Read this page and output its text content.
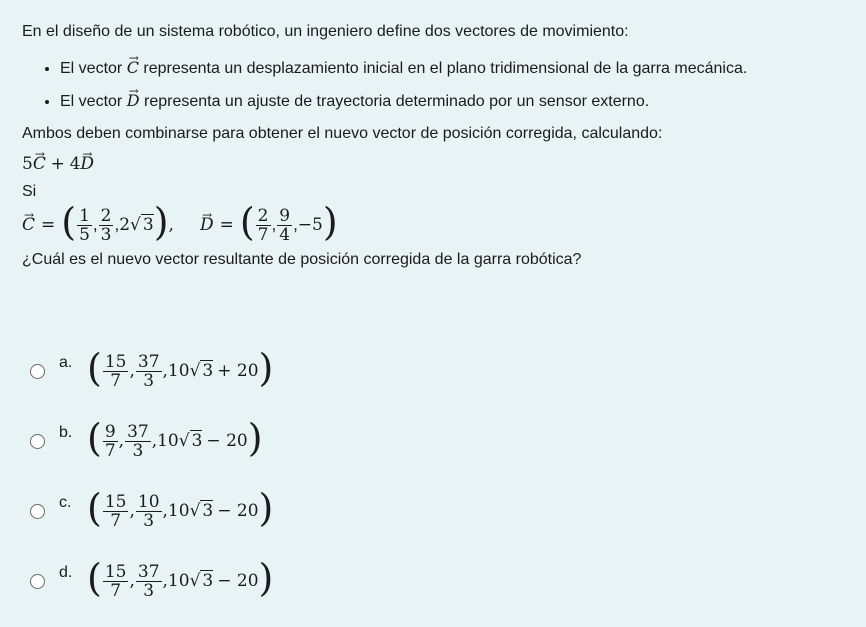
En el diseño de un sistema robótico, un ingeniero define dos vectores de movimiento:

• El vector → C representa un desplazamiento inicial en el plano tridimensional de la garra mecánica.
• El vector → D representa un ajuste de trayectoria determinado por un sensor externo.

Ambos deben combinarse para obtener el nuevo vector de posición corregida, calculando:

5→ C + 4→ D

Si

→ C = ( $\frac{1}{5}$ , $\frac{2}{3}$ , 2 √ 3 ) , → D = ( $\frac{2}{7}$ , $\frac{9}{4}$ , −5 )

¿Cuál es el nuevo vector resultante de posición corregida de la garra robótica?

a. ( $\frac{15}{7}$ , $\frac{37}{3}$ , 10 √ 3 + 20 )
b. ( $\frac{9}{7}$ , $\frac{37}{3}$ , 10 √ 3 − 20 )
c. ( $\frac{15}{7}$ , $\frac{10}{3}$ , 10 √ 3 − 20 )
d. ( $\frac{15}{7}$ , $\frac{37}{3}$ , 10 √ 3 − 20 )
